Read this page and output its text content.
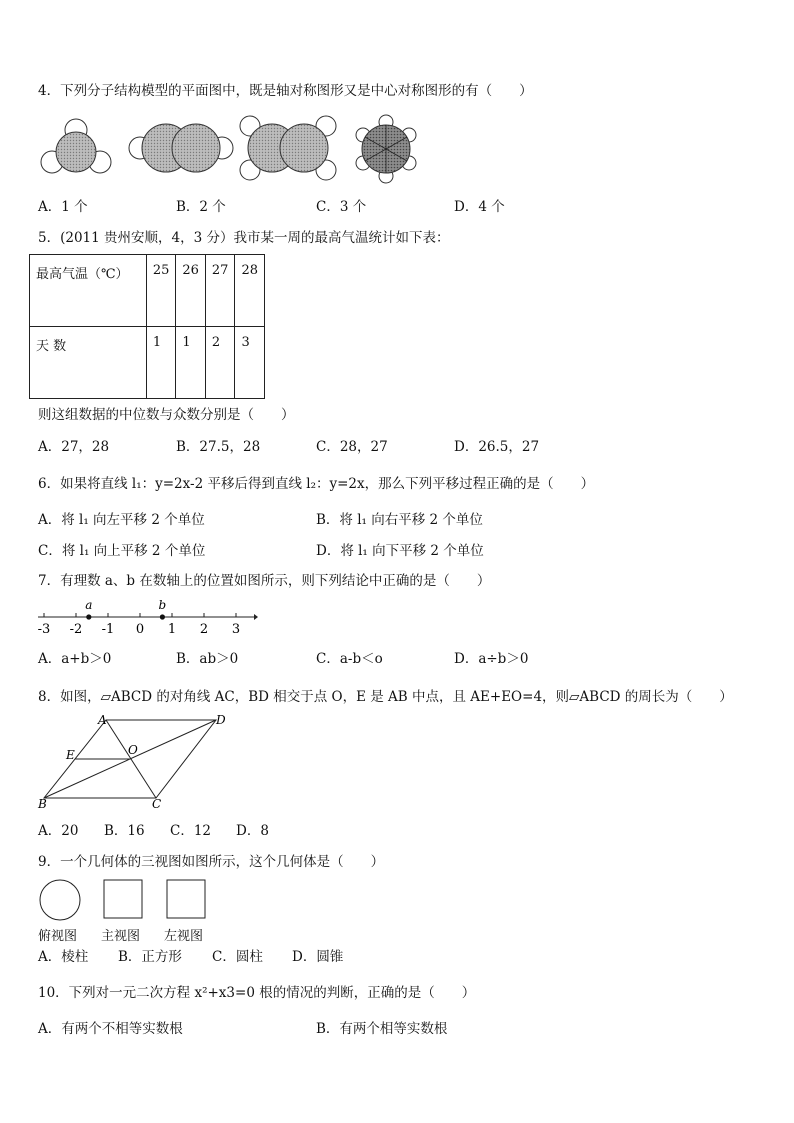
4．下列分子结构模型的平面图中，既是轴对称图形又是中心对称图形的有（　　）
A．1 个	B．2 个	C．3 个	D．4 个
5．(2011 贵州安顺，4，3 分）我市某一周的最高气温统计如下表：
最高气温（℃）	25	26	27	28
天 数	1	1	2	3
则这组数据的中位数与众数分别是（　　）
A．27，28	B．27.5，28	C．28，27	D．26.5，27
6．如果将直线 l₁：y=2x-2 平移后得到直线 l₂：y=2x，那么下列平移过程正确的是（　　）
A．将 l₁ 向左平移 2 个单位	B．将 l₁ 向右平移 2 个单位
C．将 l₁ 向上平移 2 个单位	D．将 l₁ 向下平移 2 个单位
7．有理数 a、b 在数轴上的位置如图所示，则下列结论中正确的是（　　）
-3 -2 -1 0 1 2 3
a	b
A．a+b＞0	B．ab＞0	C．a-b＜o	D．a÷b＞0
8．如图，▱ABCD 的对角线 AC，BD 相交于点 O，E 是 AB 中点，且 AE+EO=4，则▱ABCD 的周长为（　　）
A	D
B	C
E	O
A．20 B．16 C．12 D．8
9．一个几何体的三视图如图所示，这个几何体是（　　）
俯视图 主视图 左视图
A．棱柱 B．正方形 C．圆柱 D．圆锥
10．下列对一元二次方程 x²+x3=0 根的情况的判断，正确的是（　　）
A．有两个不相等实数根	B．有两个相等实数根
